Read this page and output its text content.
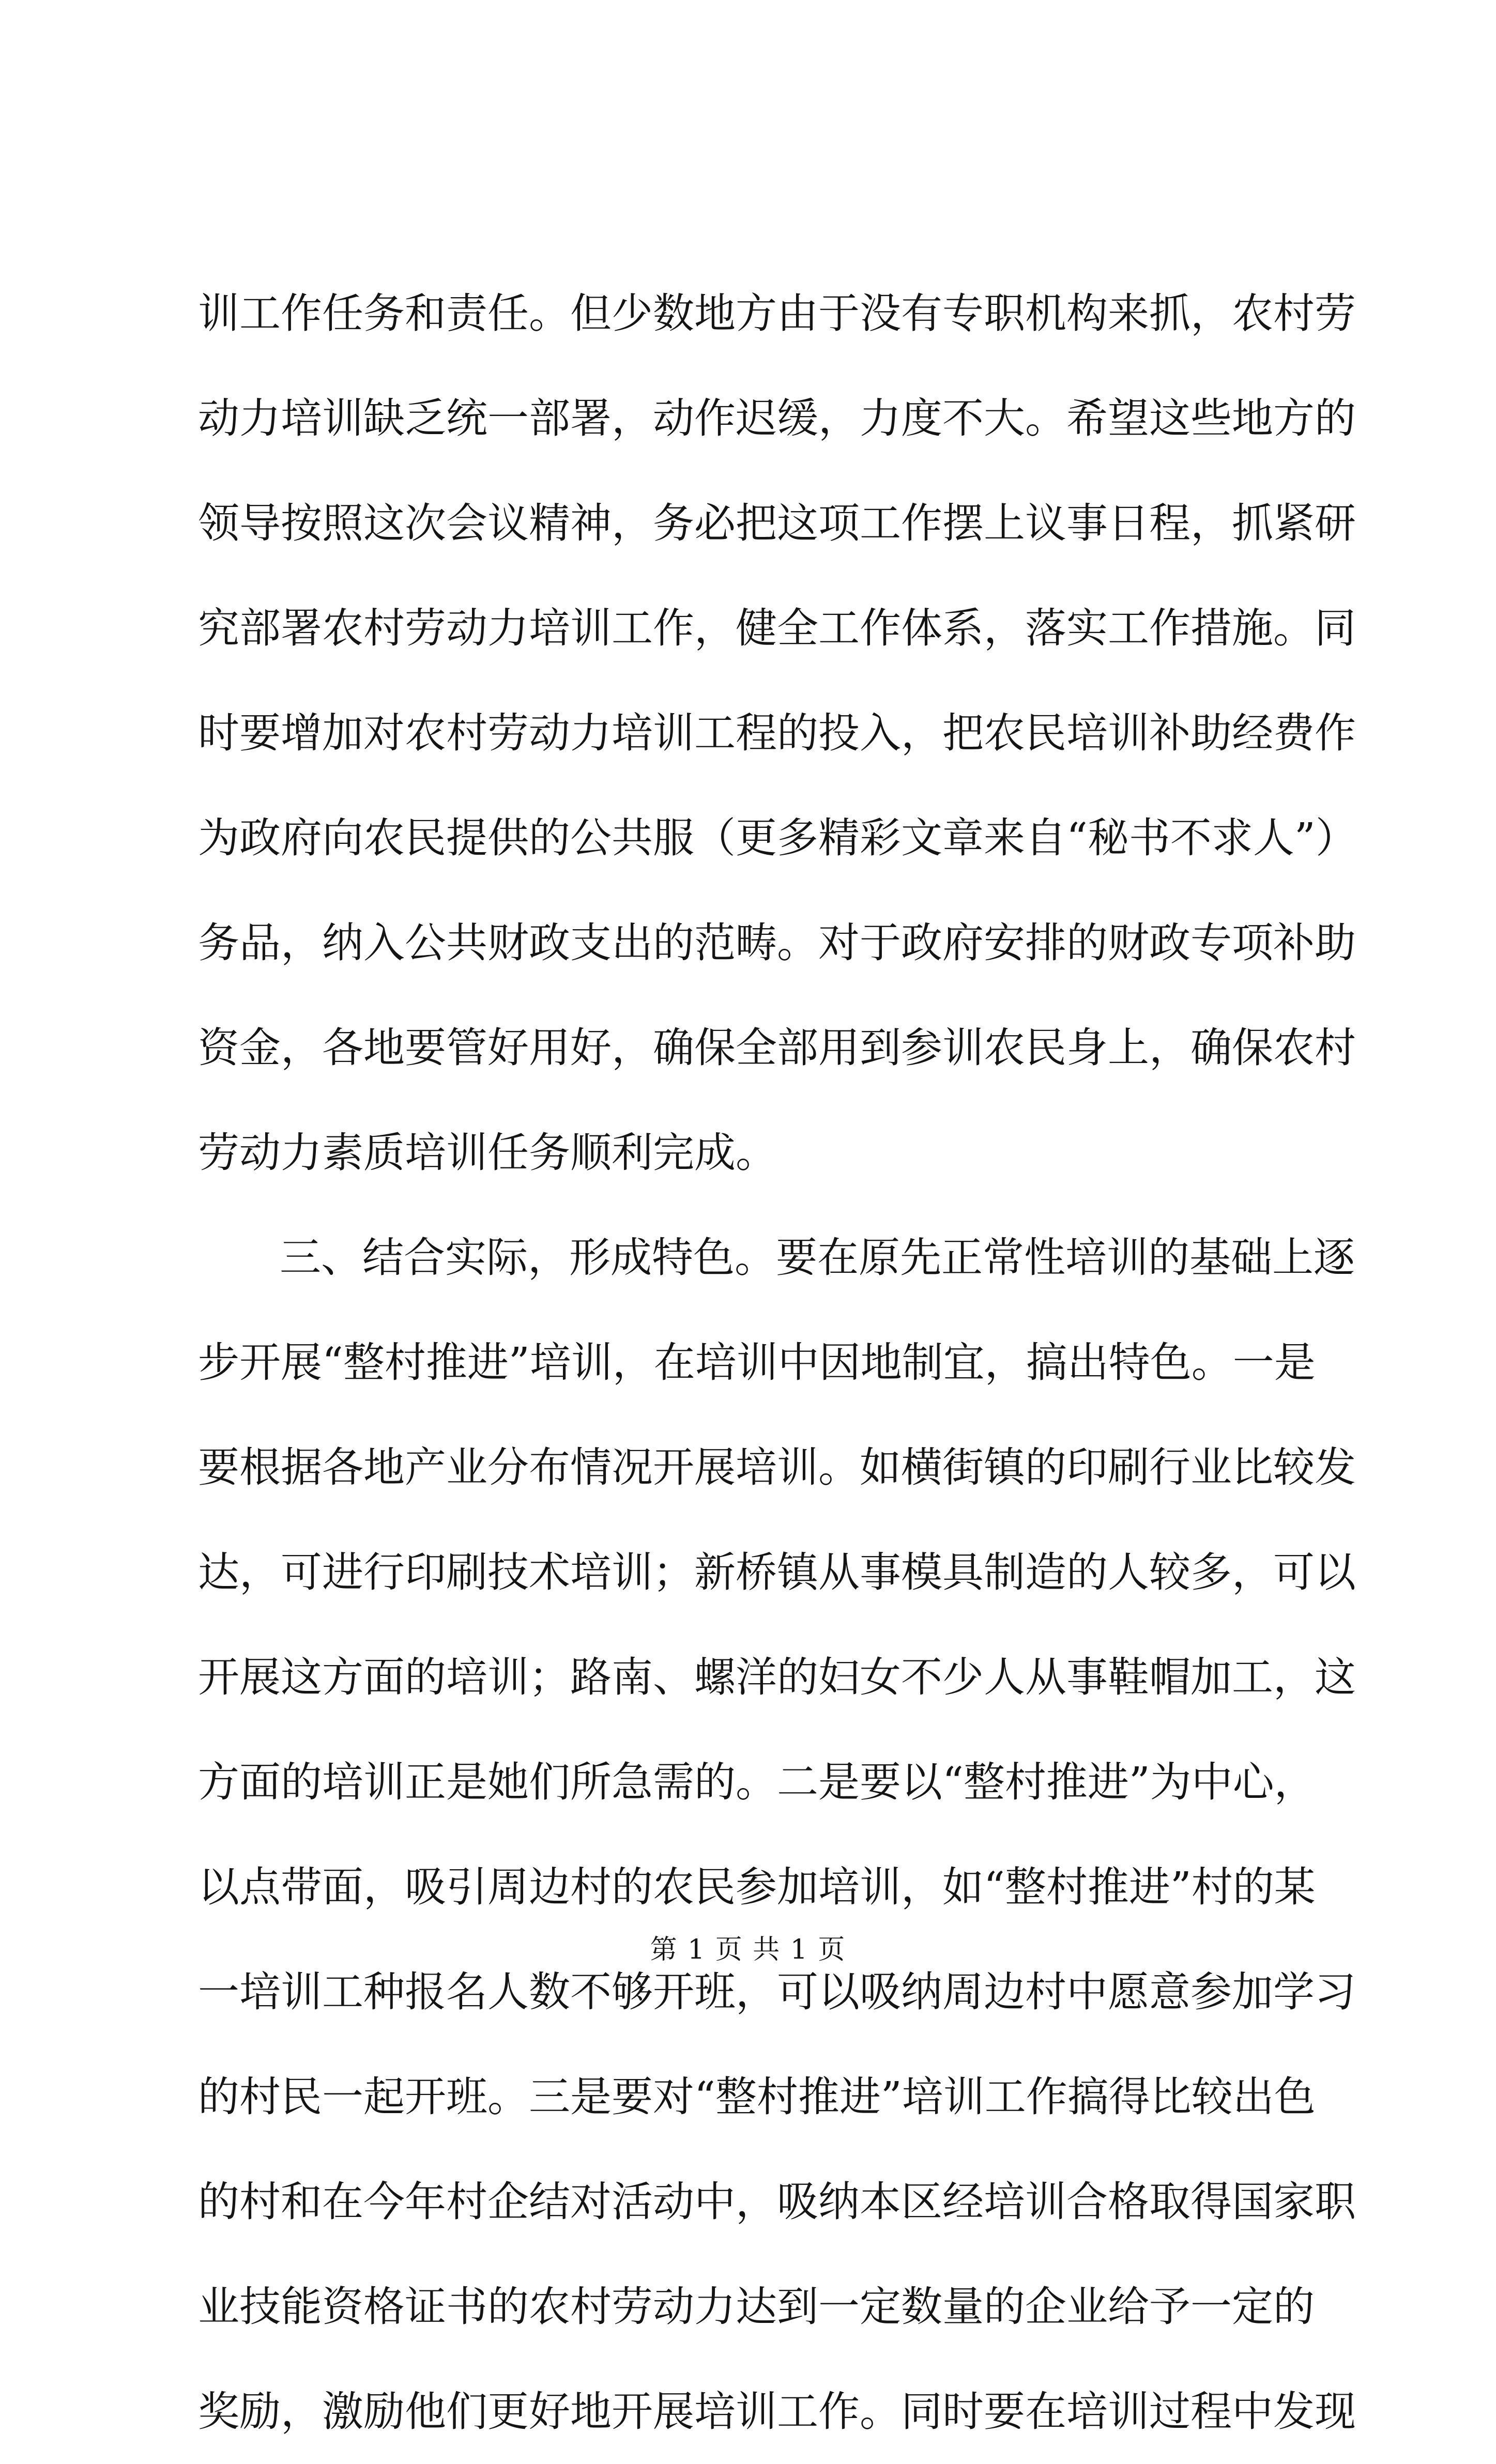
训工作任务和责任。但少数地方由于没有专职机构来抓，农村劳
动力培训缺乏统一部署，动作迟缓，力度不大。希望这些地方的
领导按照这次会议精神，务必把这项工作摆上议事日程，抓紧研
究部署农村劳动力培训工作，健全工作体系，落实工作措施。同
时要增加对农村劳动力培训工程的投入，把农民培训补助经费作
为政府向农民提供的公共服（更多精彩文章来自“秘书不求人”）
务品，纳入公共财政支出的范畴。对于政府安排的财政专项补助
资金，各地要管好用好，确保全部用到参训农民身上，确保农村
劳动力素质培训任务顺利完成。
三、结合实际，形成特色。要在原先正常性培训的基础上逐
步开展“整村推进”培训，在培训中因地制宜，搞出特色。一是
要根据各地产业分布情况开展培训。如横街镇的印刷行业比较发
达，可进行印刷技术培训；新桥镇从事模具制造的人较多，可以
开展这方面的培训；路南、螺洋的妇女不少人从事鞋帽加工，这
方面的培训正是她们所急需的。二是要以“整村推进”为中心，
以点带面，吸引周边村的农民参加培训，如“整村推进”村的某
一培训工种报名人数不够开班，可以吸纳周边村中愿意参加学习
的村民一起开班。三是要对“整村推进”培训工作搞得比较出色
的村和在今年村企结对活动中，吸纳本区经培训合格取得国家职
业技能资格证书的农村劳动力达到一定数量的企业给予一定的
奖励，激励他们更好地开展培训工作。同时要在培训过程中发现
第 1 页 共 1 页
